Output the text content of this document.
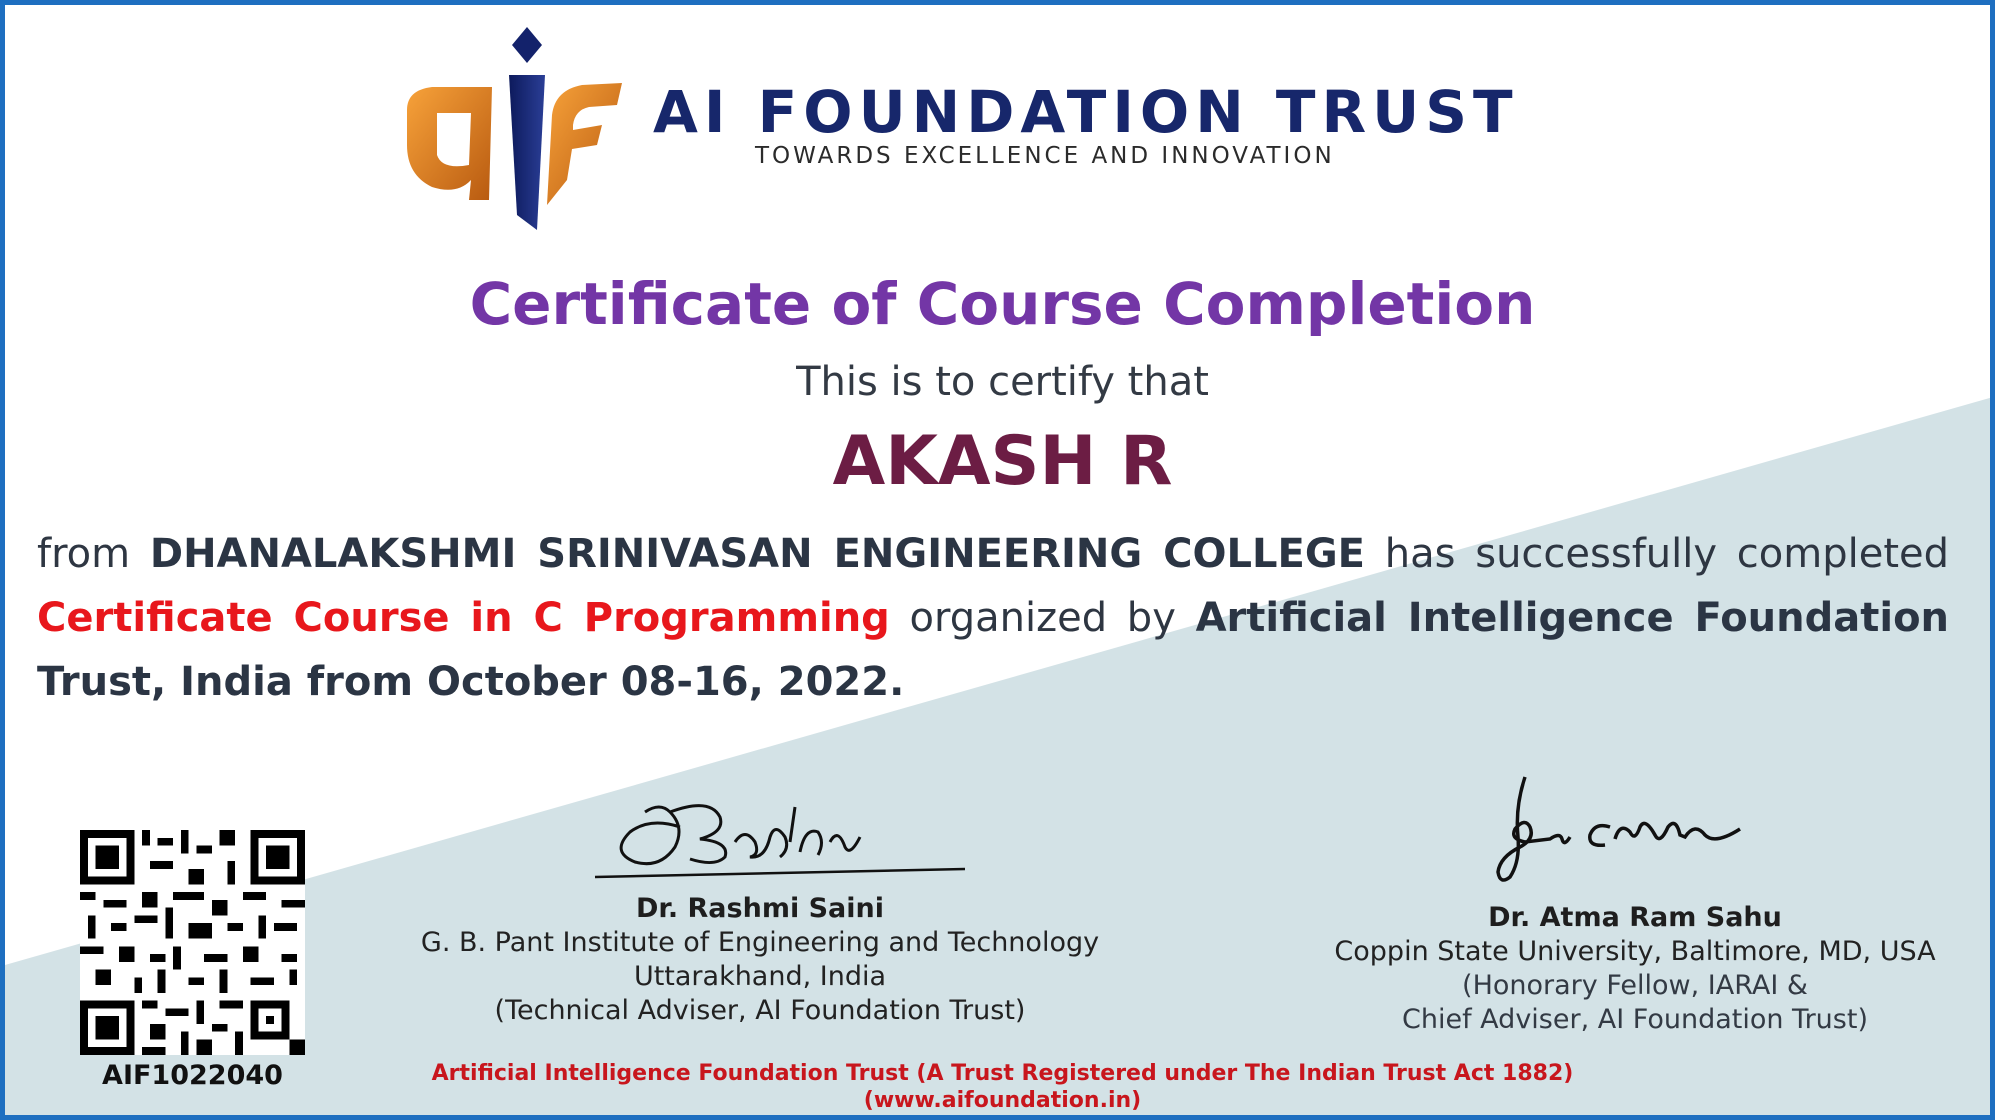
AI FOUNDATION TRUST
TOWARDS EXCELLENCE AND INNOVATION
Certificate of Course Completion
This is to certify that
AKASH R
from DHANALAKSHMI SRINIVASAN ENGINEERING COLLEGE has successfully completed Certificate Course in C Programming organized by Artificial Intelligence Foundation Trust, India from October 08-16, 2022.
Dr. Rashmi Saini
G. B. Pant Institute of Engineering and Technology
Uttarakhand, India
(Technical Adviser, AI Foundation Trust)
Dr. Atma Ram Sahu
Coppin State University, Baltimore, MD, USA
(Honorary Fellow, IARAI &
Chief Adviser, AI Foundation Trust)
AIF1022040	Artificial Intelligence Foundation Trust (A Trust Registered under The Indian Trust Act 1882)
(www.aifoundation.in)
